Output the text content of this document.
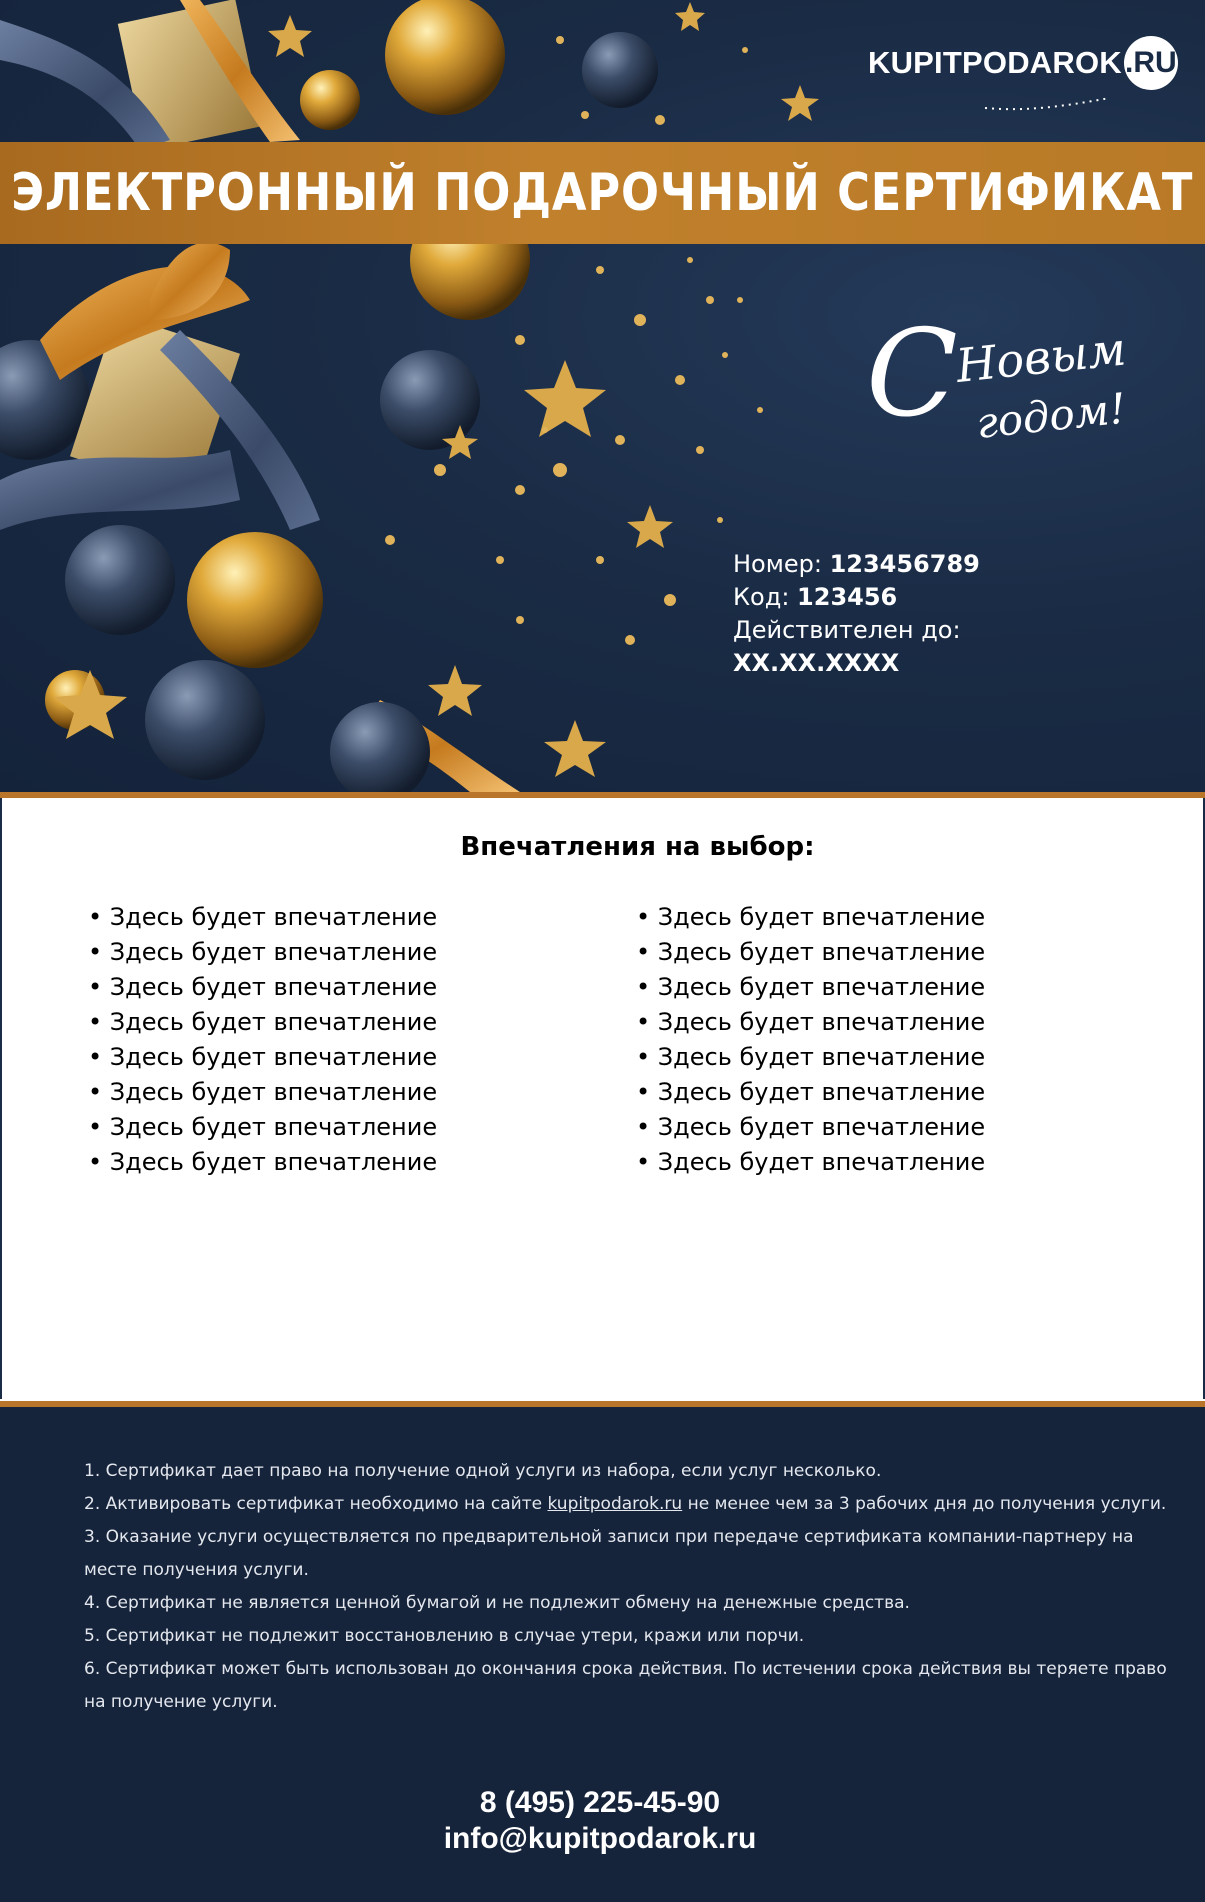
KUPITPODAROK .RU
ЭЛЕКТРОННЫЙ ПОДАРОЧНЫЙ СЕРТИФИКАТ
С
Новым
годом!
Номер: 123456789
Код: 123456
Действителен до:
XX.XX.XXXX
Впечатления на выбор:
• Здесь будет впечатление
• Здесь будет впечатление
• Здесь будет впечатление
• Здесь будет впечатление
• Здесь будет впечатление
• Здесь будет впечатление
• Здесь будет впечатление
• Здесь будет впечатление
• Здесь будет впечатление
• Здесь будет впечатление
• Здесь будет впечатление
• Здесь будет впечатление
• Здесь будет впечатление
• Здесь будет впечатление
• Здесь будет впечатление
• Здесь будет впечатление
1. Сертификат дает право на получение одной услуги из набора, если услуг несколько.
2. Активировать сертификат необходимо на сайте kupitpodarok.ru не менее чем за 3 рабочих дня до получения услуги.
3. Оказание услуги осуществляется по предварительной записи при передаче сертификата компании-партнеру на месте получения услуги.
4. Сертификат не является ценной бумагой и не подлежит обмену на денежные средства.
5. Сертификат не подлежит восстановлению в случае утери, кражи или порчи.
6. Сертификат может быть использован до окончания срока действия. По истечении срока действия вы теряете право на получение услуги.
8 (495) 225-45-90
info@kupitpodarok.ru
